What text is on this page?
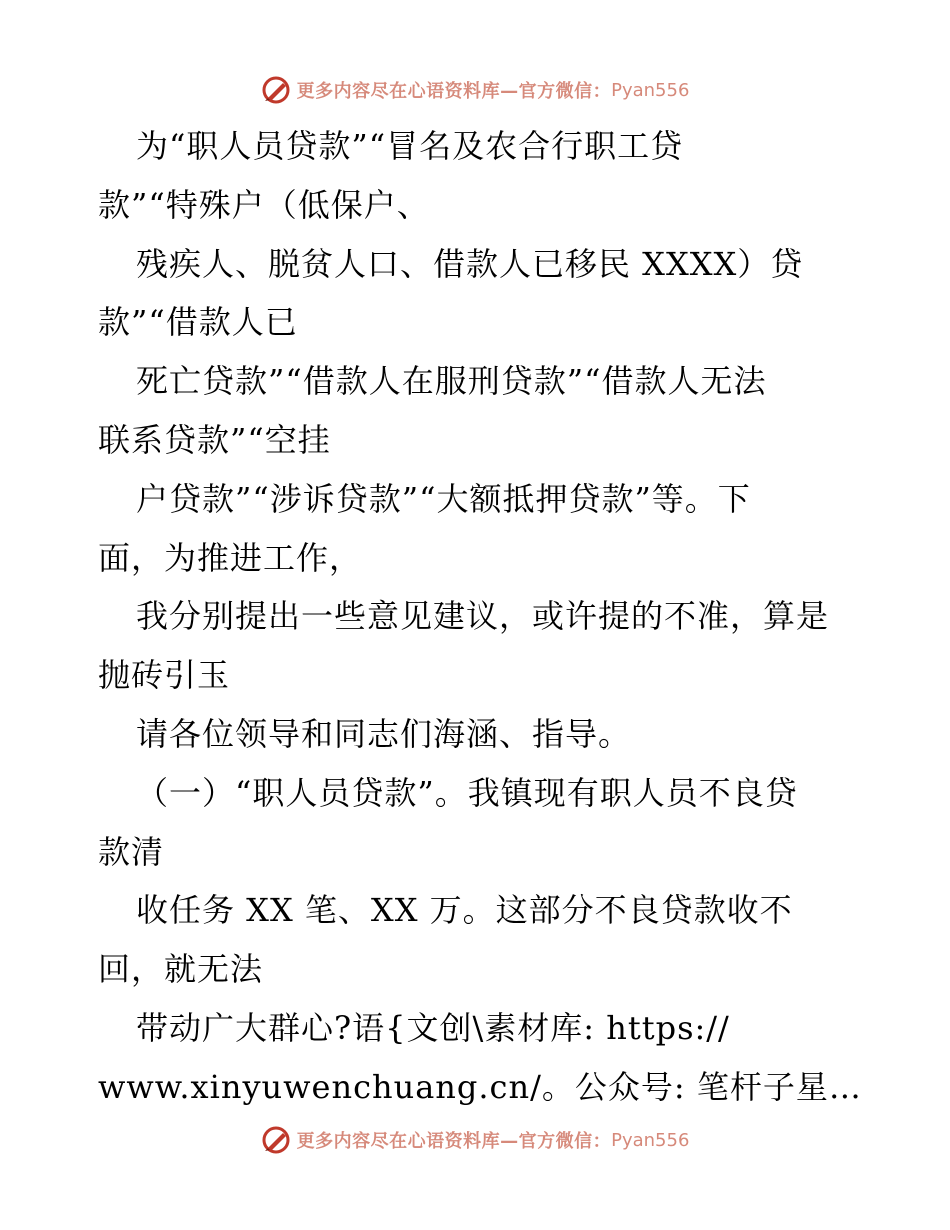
更多内容尽在心语资料库—官方微信： Pyan556
为“职人员贷款”“冒名及农合行职工贷
款”“特殊户（低保户、
残疾人、脱贫人口、借款人已移民 XXXX）贷
款”“借款人已
死亡贷款”“借款人在服刑贷款”“借款人无法
联系贷款”“空挂
户贷款”“涉诉贷款”“大额抵押贷款”等。下
面，为推进工作，
我分别提出一些意见建议，或许提的不准，算是
抛砖引玉
请各位领导和同志们海涵、指导。
（一）“职人员贷款”。我镇现有职人员不良贷
款清
收任务 XX 笔、XX 万。这部分不良贷款收不
回，就无法
带动广大群心?语{文创\素材库: https://
www.xinyuwenchuang.cn/。公众号: 笔杆子星…
更多内容尽在心语资料库—官方微信： Pyan556
